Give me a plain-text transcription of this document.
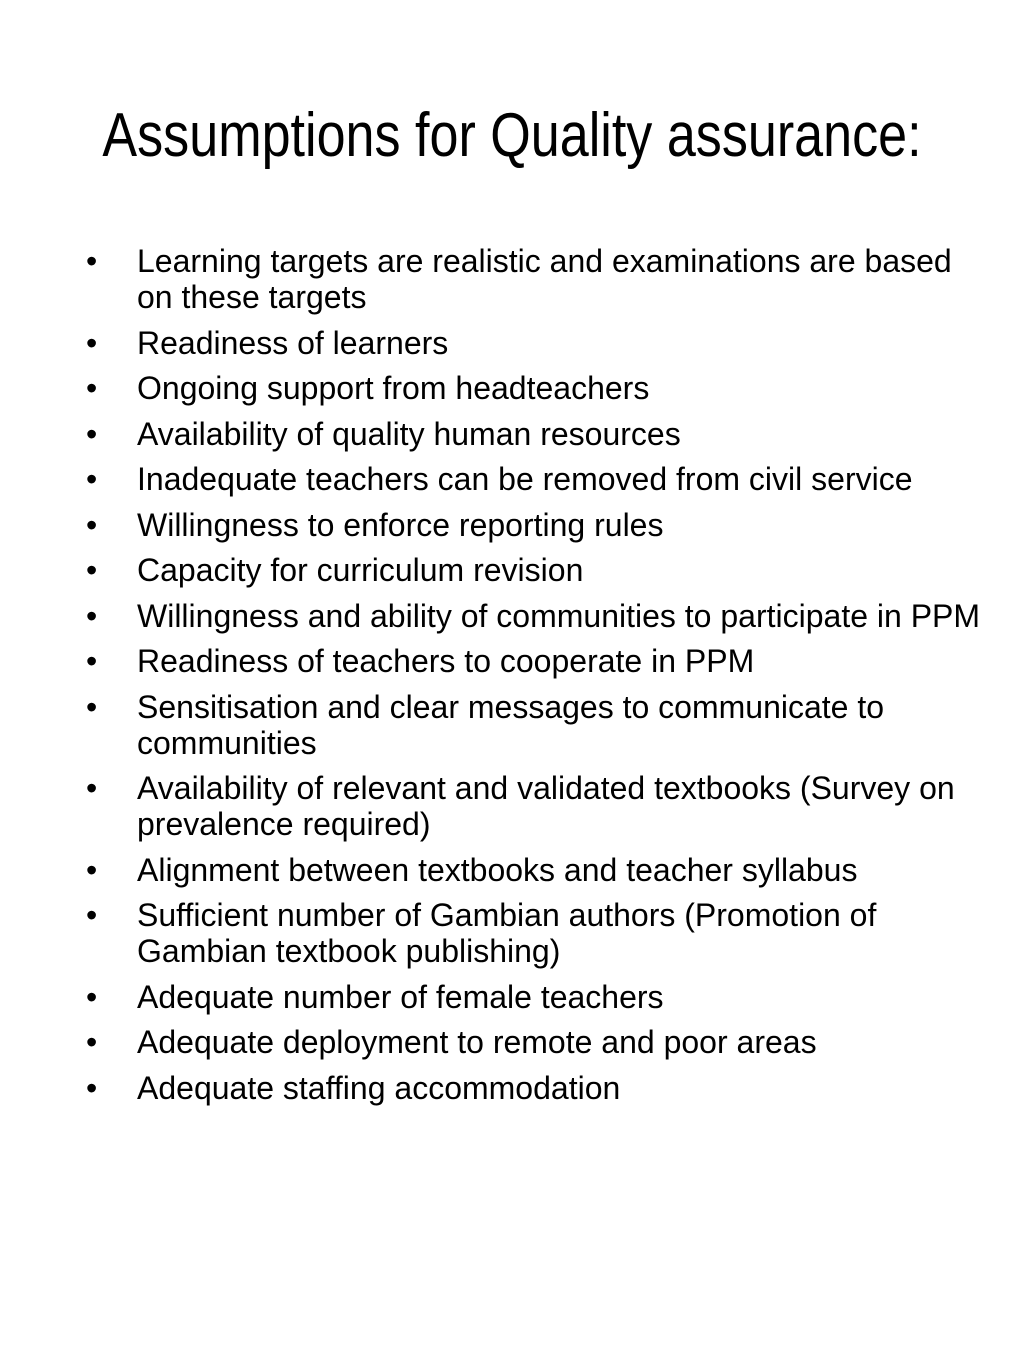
Assumptions for Quality assurance:
• Learning targets are realistic and examinations are based on these targets
• Readiness of learners
• Ongoing support from headteachers
• Availability of quality human resources
• Inadequate teachers can be removed from civil service
• Willingness to enforce reporting rules
• Capacity for curriculum revision
• Willingness and ability of communities to participate in PPM
• Readiness of teachers to cooperate in PPM
• Sensitisation and clear messages to communicate to communities
• Availability of relevant and validated textbooks (Survey on prevalence required)
• Alignment between textbooks and teacher syllabus
• Sufficient number of Gambian authors (Promotion of Gambian textbook publishing)
• Adequate number of female teachers
• Adequate deployment to remote and poor areas
• Adequate staffing accommodation
